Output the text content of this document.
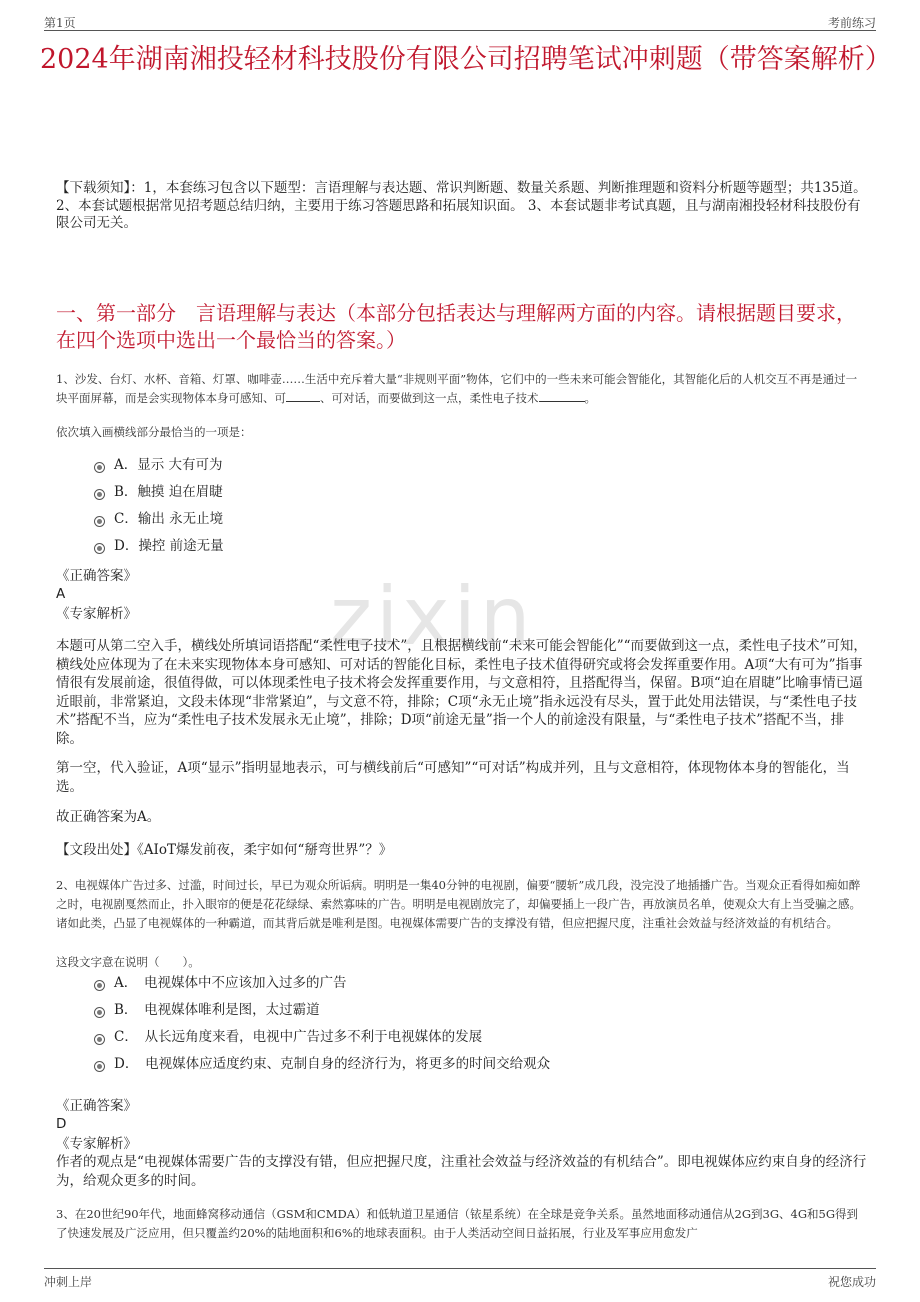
第1页	考前练习
2024年湖南湘投轻材科技股份有限公司招聘笔试冲刺题（带答案解析）
【下载须知】：1，本套练习包含以下题型：言语理解与表达题、常识判断题、数量关系题、判断推理题和资料分析题等题型；共135道。 2、本套试题根据常见招考题总结归纳，主要用于练习答题思路和拓展知识面。 3、本套试题非考试真题，且与湖南湘投轻材科技股份有限公司无关。
一、第一部分　言语理解与表达（本部分包括表达与理解两方面的内容。请根据题目要求，在四个选项中选出一个最恰当的答案。）
zixin
1、沙发、台灯、水杯、音箱、灯罩、咖啡壶……生活中充斥着大量“非规则平面”物体，它们中的一些未来可能会智能化，其智能化后的人机交互不再是通过一块平面屏幕，而是会实现物体本身可感知、可	、可对话，而要做到这一点，柔性电子技术	。
依次填入画横线部分最恰当的一项是：
A．显示 大有可为
B．触摸 迫在眉睫
C．输出 永无止境
D．操控 前途无量
《正确答案》
A
《专家解析》
本题可从第二空入手，横线处所填词语搭配“柔性电子技术”，且根据横线前“未来可能会智能化”“而要做到这一点，柔性电子技术”可知，横线处应体现为了在未来实现物体本身可感知、可对话的智能化目标，柔性电子技术值得研究或将会发挥重要作用。A项“大有可为”指事情很有发展前途，很值得做，可以体现柔性电子技术将会发挥重要作用，与文意相符，且搭配得当，保留。B项“迫在眉睫”比喻事情已逼近眼前，非常紧迫，文段未体现“非常紧迫”，与文意不符，排除；C项“永无止境”指永远没有尽头，置于此处用法错误，与“柔性电子技术”搭配不当，应为“柔性电子技术发展永无止境”，排除；D项“前途无量”指一个人的前途没有限量，与“柔性电子技术”搭配不当，排除。
第一空，代入验证，A项“显示”指明显地表示，可与横线前后“可感知”“可对话”构成并列，且与文意相符，体现物体本身的智能化，当选。
故正确答案为A。
【文段出处】《AIoT爆发前夜，柔宇如何“掰弯世界”？》
2、电视媒体广告过多、过滥，时间过长，早已为观众所诟病。明明是一集40分钟的电视剧，偏要“腰斩”成几段，没完没了地插播广告。当观众正看得如痴如醉之时，电视剧戛然而止，扑入眼帘的便是花花绿绿、索然寡味的广告。明明是电视剧放完了，却偏要插上一段广告，再放演员名单，使观众大有上当受骗之感。诸如此类，凸显了电视媒体的一种霸道，而其背后就是唯利是图。电视媒体需要广告的支撑没有错，但应把握尺度，注重社会效益与经济效益的有机结合。
这段文字意在说明（　　）。
A．　电视媒体中不应该加入过多的广告
B．　电视媒体唯利是图，太过霸道
C．　从长远角度来看，电视中广告过多不利于电视媒体的发展
D．　电视媒体应适度约束、克制自身的经济行为，将更多的时间交给观众
《正确答案》
D
《专家解析》
作者的观点是“电视媒体需要广告的支撑没有错，但应把握尺度，注重社会效益与经济效益的有机结合”。即电视媒体应约束自身的经济行为，给观众更多的时间。
3、在20世纪90年代，地面蜂窝移动通信（GSM和CMDA）和低轨道卫星通信（铱星系统）在全球是竞争关系。虽然地面移动通信从2G到3G、4G和5G得到了快速发展及广泛应用，但只覆盖约20%的陆地面积和6%的地球表面积。由于人类活动空间日益拓展，行业及军事应用愈发广
冲刺上岸	祝您成功
